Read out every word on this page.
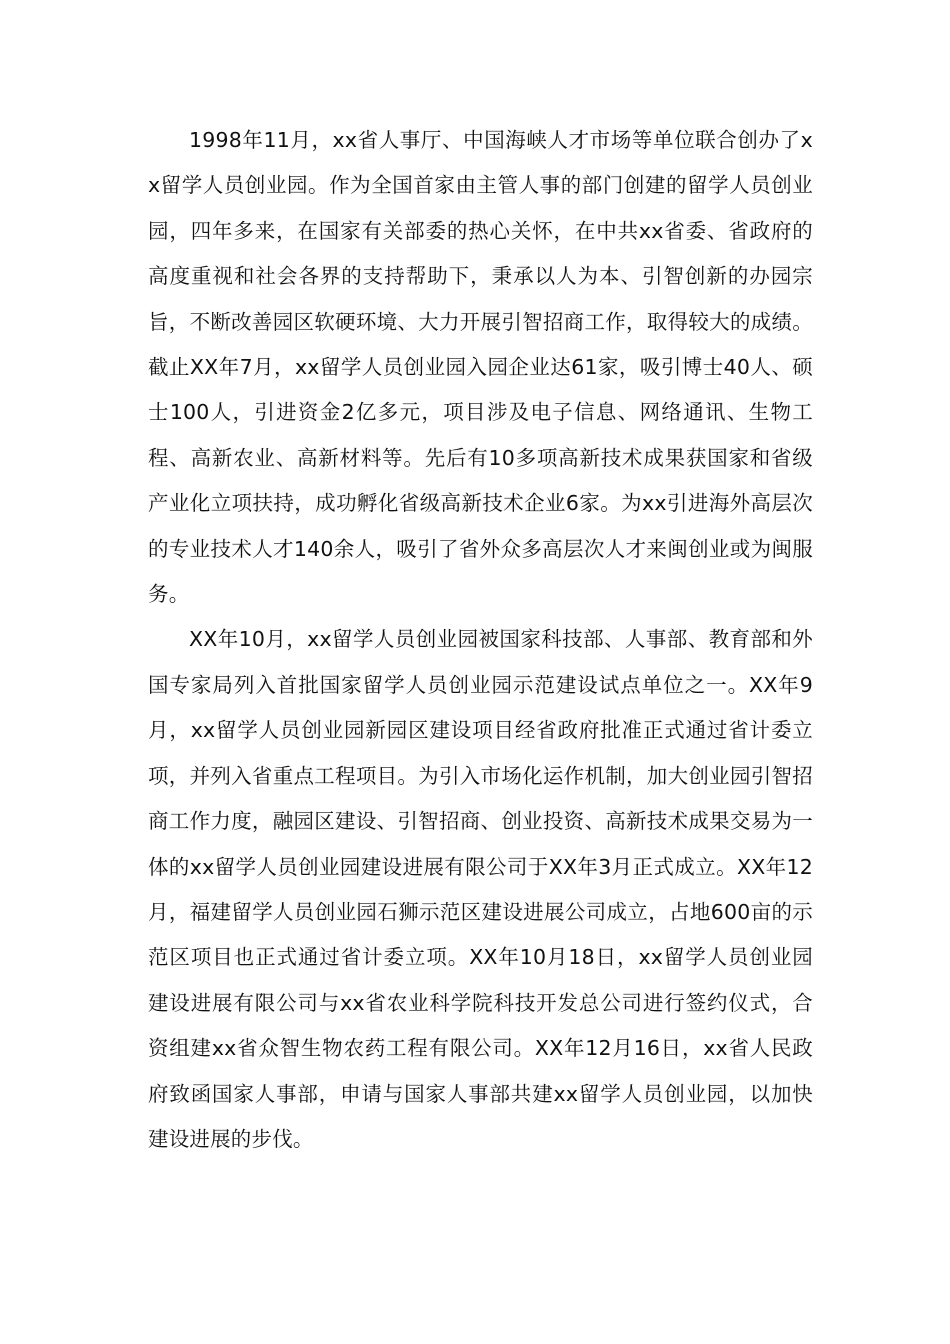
1998年11月，xx省人事厅、中国海峡人才市场等单位联合创办了xx留学人员创业园。作为全国首家由主管人事的部门创建的留学人员创业园，四年多来，在国家有关部委的热心关怀，在中共xx省委、省政府的高度重视和社会各界的支持帮助下，秉承以人为本、引智创新的办园宗旨，不断改善园区软硬环境、大力开展引智招商工作，取得较大的成绩。截止XX年7月，xx留学人员创业园入园企业达61家，吸引博士40人、硕士100人，引进资金2亿多元，项目涉及电子信息、网络通讯、生物工程、高新农业、高新材料等。先后有10多项高新技术成果获国家和省级产业化立项扶持，成功孵化省级高新技术企业6家。为xx引进海外高层次的专业技术人才140余人，吸引了省外众多高层次人才来闽创业或为闽服务。

XX年10月，xx留学人员创业园被国家科技部、人事部、教育部和外国专家局列入首批国家留学人员创业园示范建设试点单位之一。XX年9月，xx留学人员创业园新园区建设项目经省政府批准正式通过省计委立项，并列入省重点工程项目。为引入市场化运作机制，加大创业园引智招商工作力度，融园区建设、引智招商、创业投资、高新技术成果交易为一体的xx留学人员创业园建设进展有限公司于XX年3月正式成立。XX年12月，福建留学人员创业园石狮示范区建设进展公司成立，占地600亩的示范区项目也正式通过省计委立项。XX年10月18日，xx留学人员创业园建设进展有限公司与xx省农业科学院科技开发总公司进行签约仪式，合资组建xx省众智生物农药工程有限公司。XX年12月16日，xx省人民政府致函国家人事部，申请与国家人事部共建xx留学人员创业园，以加快建设进展的步伐。
